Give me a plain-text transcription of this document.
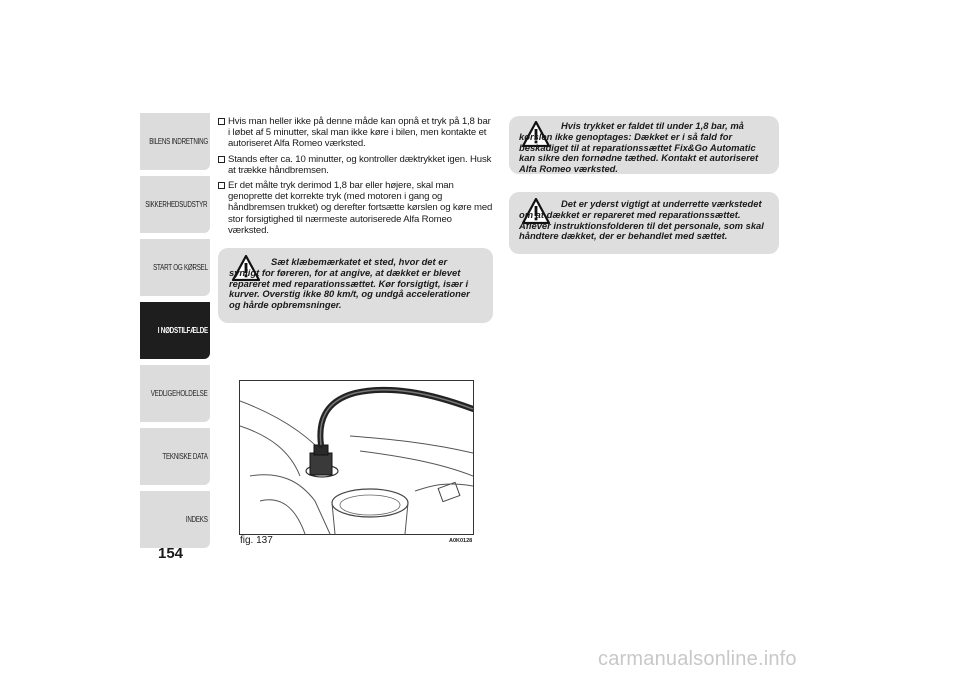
BILENS INDRETNING
SIKKERHEDSUDSTYR
START OG KØRSEL
I NØDSTILFÆLDE
VEDLIGEHOLDELSE
TEKNISKE DATA
INDEKS
154
Hvis man heller ikke på denne måde kan opnå et tryk på 1,8 bar i løbet af 5 minutter, skal man ikke køre i bilen, men kontakte et autoriseret Alfa Romeo værksted.
Stands efter ca. 10 minutter, og kontroller dæktrykket igen. Husk at trække håndbremsen.
Er det målte tryk derimod 1,8 bar eller højere, skal man genoprette det korrekte tryk (med motoren i gang og håndbremsen trukket) og derefter fortsætte kørslen og køre med stor forsigtighed til nærmeste autoriserede Alfa Romeo værksted.
Sæt klæbemærkatet et sted, hvor det er synligt for føreren, for at angive, at dækket er blevet repareret med reparationssættet. Kør forsigtigt, især i kurver. Overstig ikke 80 km/t, og undgå accelerationer og hårde opbremsninger.
Hvis trykket er faldet til under 1,8 bar, må kørslen ikke genoptages: Dækket er i så fald for beskadiget til at reparationssættet Fix&Go Automatic kan sikre den fornødne tæthed. Kontakt et autoriseret Alfa Romeo værksted.
Det er yderst vigtigt at underrette værkstedet om at dækket er repareret med reparationssættet. Aflever instruktionsfolderen til det personale, som skal håndtere dækket, der er behandlet med sættet.
fig. 137	A0K0128
carmanualsonline.info
